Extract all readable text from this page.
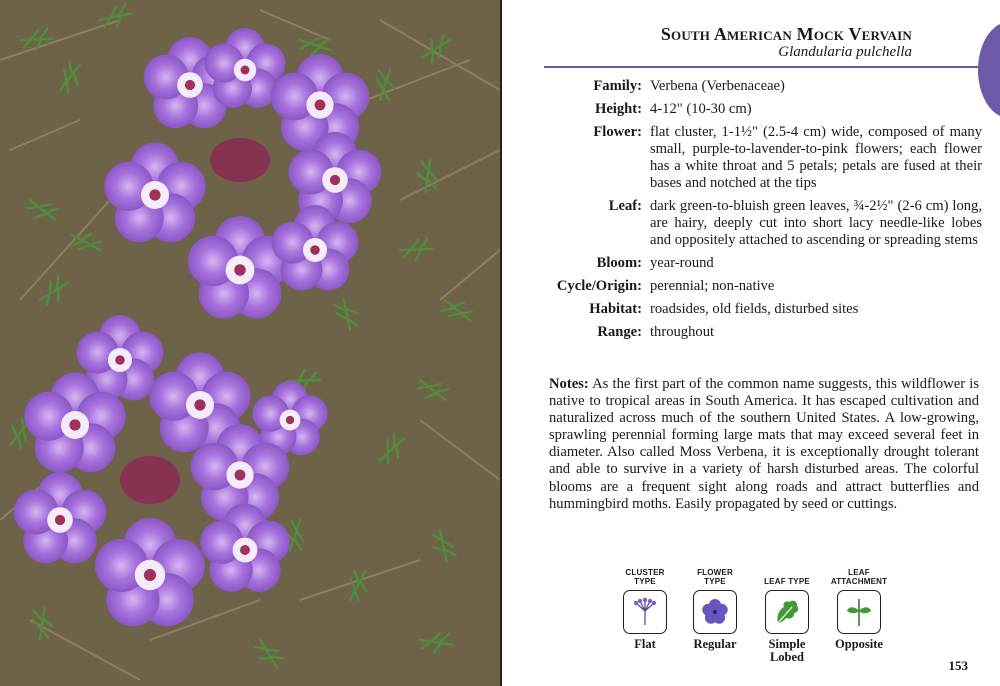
South American Mock Vervain
Glandularia pulchella
Family: Verbena (Verbenaceae)
Height: 4-12" (10-30 cm)
Flower: flat cluster, 1-1½" (2.5-4 cm) wide, composed of many small, purple-to-lavender-to-pink flowers; each flower has a white throat and 5 petals; petals are fused at their bases and notched at the tips
Leaf: dark green-to-bluish green leaves, ¾-2½" (2-6 cm) long, are hairy, deeply cut into short lacy needle-like lobes and oppositely attached to ascending or spreading stems
Bloom: year-round
Cycle/Origin: perennial; non-native
Habitat: roadsides, old fields, disturbed sites
Range: throughout
Notes: As the first part of the common name suggests, this wildflower is native to tropical areas in South America. It has escaped cultivation and naturalized across much of the southern United States. A low-growing, sprawling perennial forming large mats that may exceed several feet in diameter. Also called Moss Verbena, it is exceptionally drought tolerant and able to survive in a variety of harsh disturbed areas. The colorful blooms are a frequent sight along roads and attract butterflies and hummingbird moths. Easily propagated by seed or cuttings.
CLUSTER
TYPE
Flat
FLOWER
TYPE
Regular

LEAF TYPE
Simple
Lobed
LEAF
ATTACHMENT
Opposite
153
